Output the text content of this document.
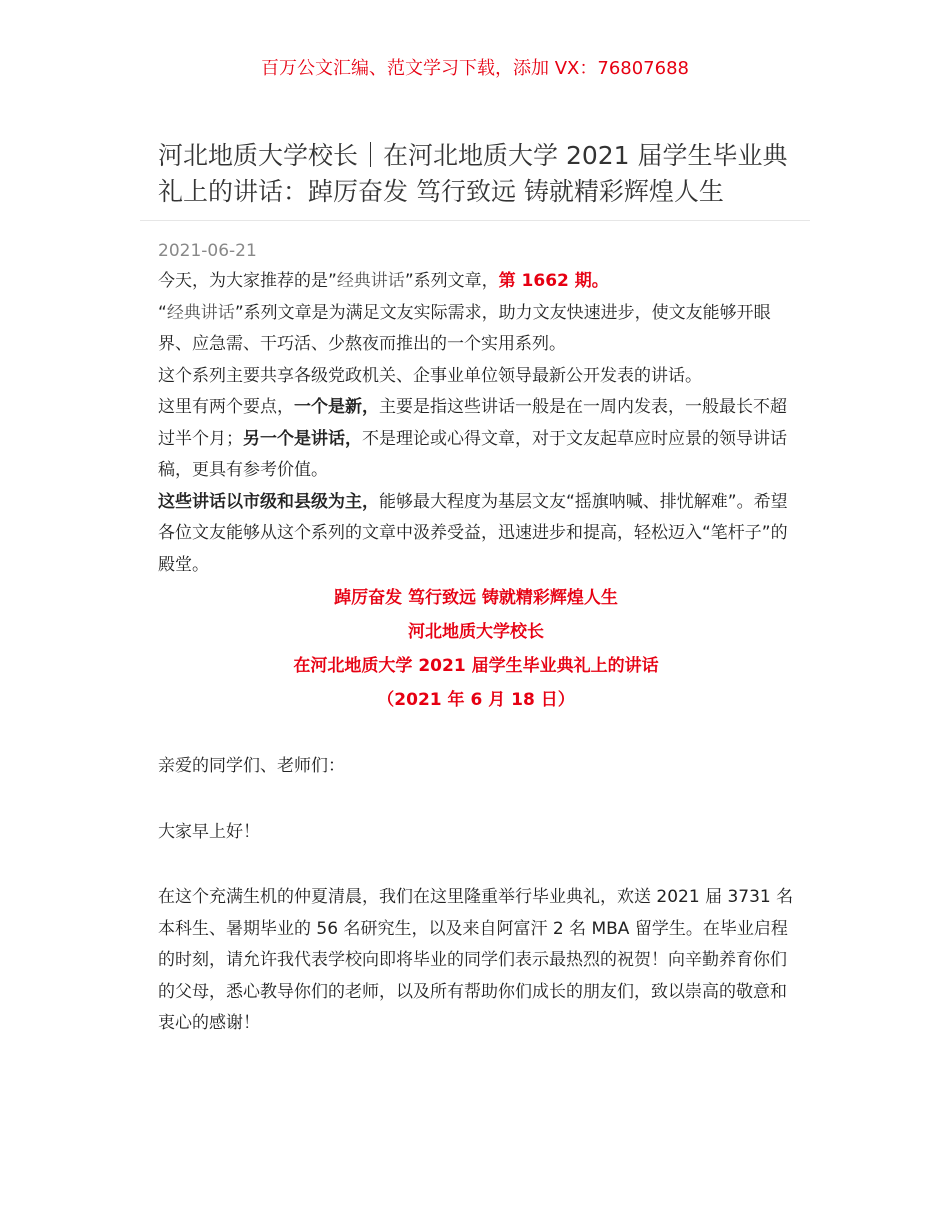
百万公文汇编、范文学习下载，添加 VX：76807688
河北地质大学校长｜在河北地质大学 2021 届学生毕业典礼上的讲话：踔厉奋发 笃行致远 铸就精彩辉煌人生
2021-06-21

今天，为大家推荐的是”经典讲话”系列文章，第 1662 期。

“经典讲话”系列文章是为满足文友实际需求，助力文友快速进步，使文友能够开眼界、应急需、干巧活、少熬夜而推出的一个实用系列。

这个系列主要共享各级党政机关、企事业单位领导最新公开发表的讲话。

这里有两个要点，一个是新，主要是指这些讲话一般是在一周内发表，一般最长不超过半个月；另一个是讲话，不是理论或心得文章，对于文友起草应时应景的领导讲话稿，更具有参考价值。

这些讲话以市级和县级为主，能够最大程度为基层文友“摇旗呐喊、排忧解难”。希望各位文友能够从这个系列的文章中汲养受益，迅速进步和提高，轻松迈入“笔杆子”的殿堂。

踔厉奋发 笃行致远 铸就精彩辉煌人生
河北地质大学校长
在河北地质大学 2021 届学生毕业典礼上的讲话
（2021 年 6 月 18 日）

亲爱的同学们、老师们：

大家早上好！

在这个充满生机的仲夏清晨，我们在这里隆重举行毕业典礼，欢送 2021 届 3731 名本科生、暑期毕业的 56 名研究生，以及来自阿富汗 2 名 MBA 留学生。在毕业启程的时刻，请允许我代表学校向即将毕业的同学们表示最热烈的祝贺！向辛勤养育你们的父母，悉心教导你们的老师，以及所有帮助你们成长的朋友们，致以崇高的敬意和衷心的感谢！
